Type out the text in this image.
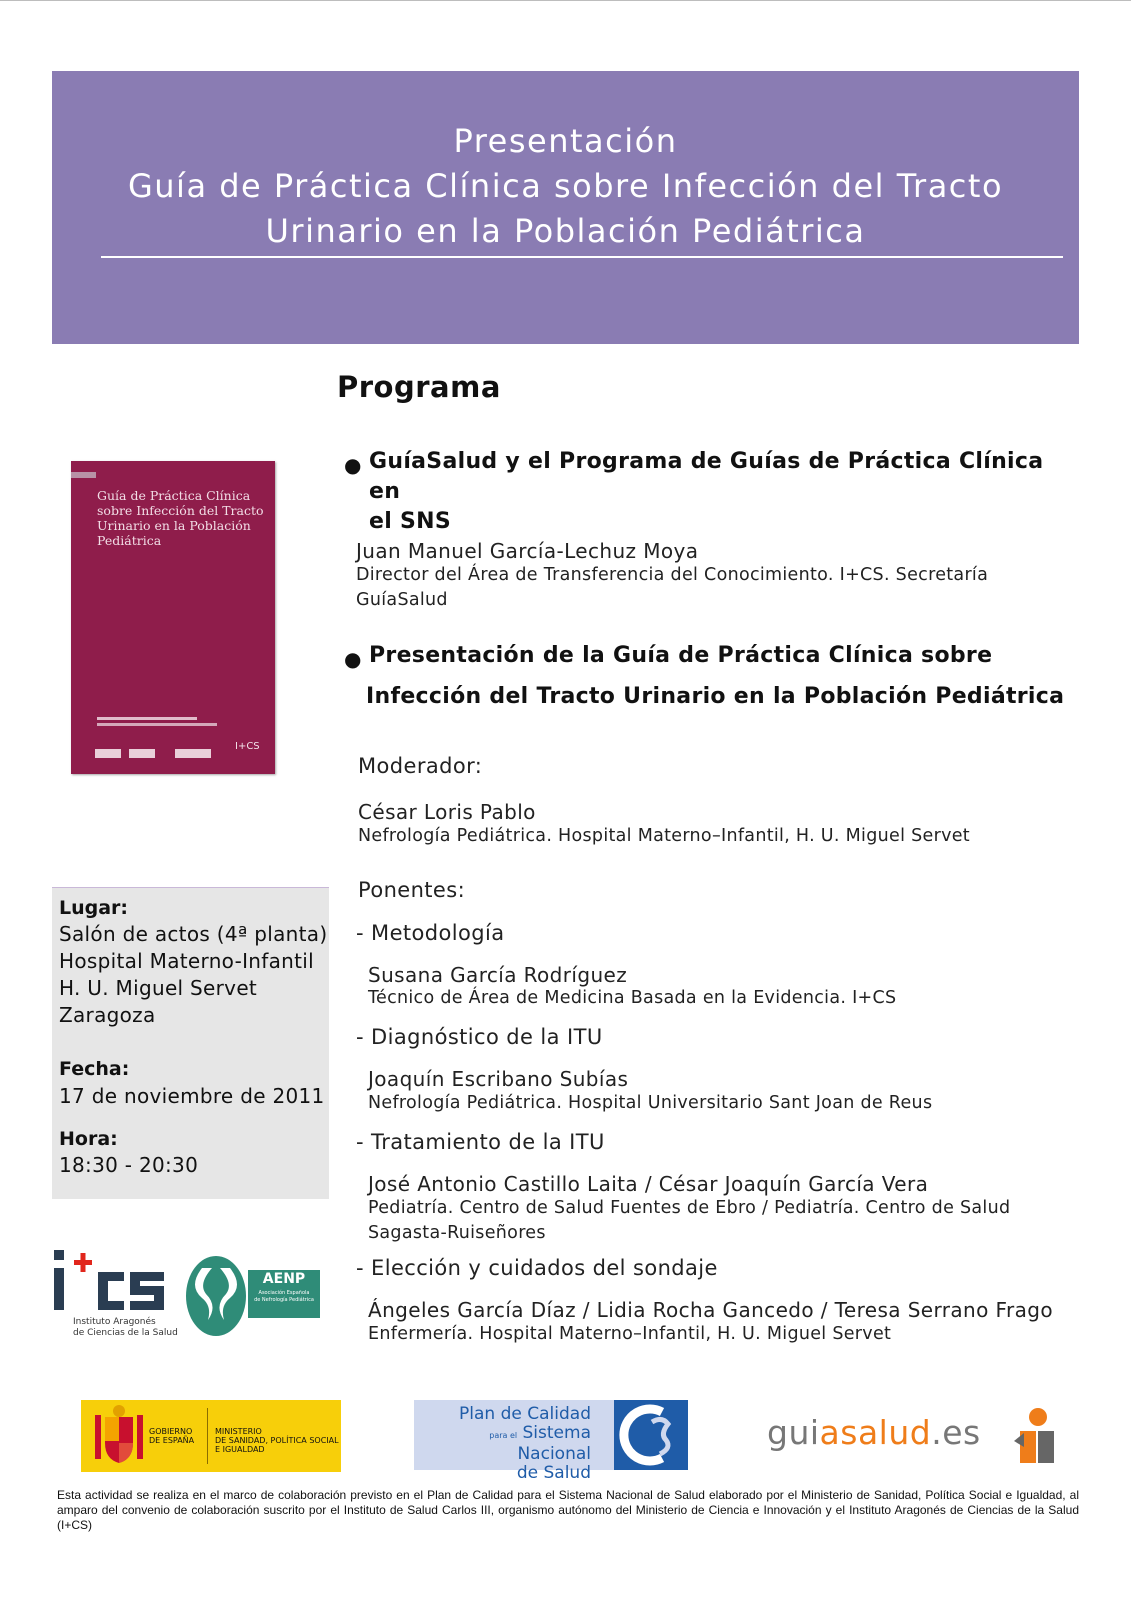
Presentación
Guía de Práctica Clínica sobre Infección del Tracto
Urinario en la Población Pediátrica
Programa

Guía de Práctica Clínica sobre Infección del Tracto Urinario en la Población Pediátrica

I+CS
Lugar:
Salón de actos (4ª planta)
Hospital Materno-Infantil
H. U. Miguel Servet
Zaragoza
Fecha:
17 de noviembre de 2011
Hora:
18:30 - 20:30
● GuíaSalud y el Programa de Guías de Práctica Clínica en
el SNS
Juan Manuel García-Lechuz Moya
Director del Área de Transferencia del Conocimiento. I+CS. Secretaría
GuíaSalud
● Presentación de la Guía de Práctica Clínica sobre
Infección del Tracto Urinario en la Población Pediátrica
Moderador:
César Loris Pablo
Nefrología Pediátrica. Hospital Materno–Infantil, H. U. Miguel Servet
Ponentes:
- Metodología
Susana García Rodríguez
Técnico de Área de Medicina Basada en la Evidencia. I+CS
- Diagnóstico de la ITU
Joaquín Escribano Subías
Nefrología Pediátrica. Hospital Universitario Sant Joan de Reus
- Tratamiento de la ITU
José Antonio Castillo Laita / César Joaquín García Vera
Pediatría. Centro de Salud Fuentes de Ebro / Pediatría. Centro de Salud
Sagasta-Ruiseñores
- Elección y cuidados del sondaje
Ángeles García Díaz / Lidia Rocha Gancedo / Teresa Serrano Frago
Enfermería. Hospital Materno–Infantil, H. U. Miguel Servet
Instituto Aragonés
de Ciencias de la Salud
AENP
Asociación Española
de Nefrología Pediátrica
GOBIERNO
DE ESPAÑA
MINISTERIO
DE SANIDAD, POLÍTICA SOCIAL
E IGUALDAD
Plan de Calidad
para el Sistema Nacional
de Salud
guiasalud.es

Esta actividad se realiza en el marco de colaboración previsto en el Plan de Calidad para el Sistema Nacional de Salud elaborado por el Ministerio de Sanidad, Política Social e Igualdad, al amparo del convenio de colaboración suscrito por el Instituto de Salud Carlos III, organismo autónomo del Ministerio de Ciencia e Innovación y el Instituto Aragonés de Ciencias de la Salud (I+CS)
